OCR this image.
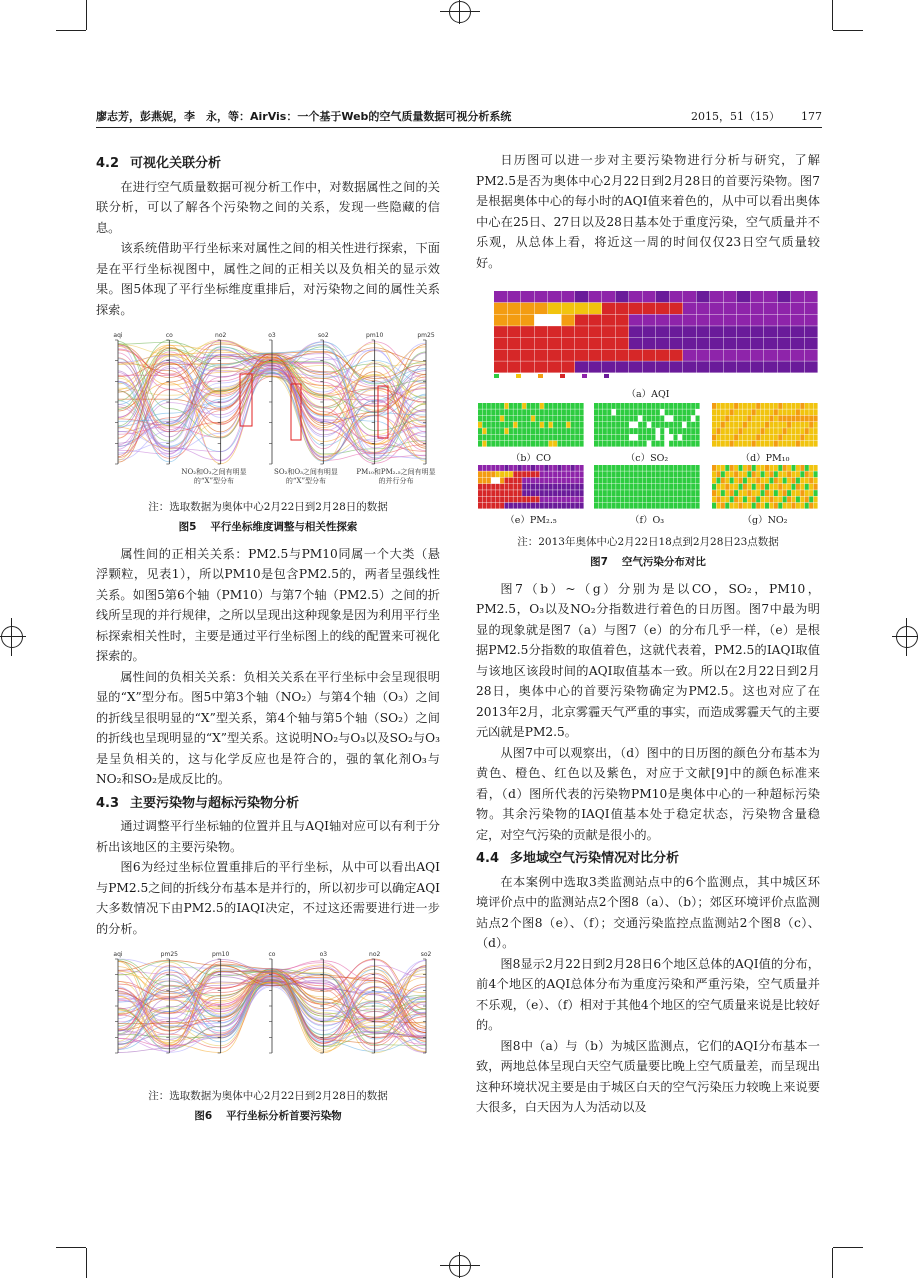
廖志芳，彭燕妮，李　永，等：AirVis：一个基于Web的空气质量数据可视分析系统	2015，51（15） 177
4.2 可视化关联分析

在进行空气质量数据可视分析工作中，对数据属性之间的关联分析，可以了解各个污染物之间的关系，发现一些隐藏的信息。

该系统借助平行坐标来对属性之间的相关性进行探索，下面是在平行坐标视图中，属性之间的正相关以及负相关的显示效果。图5体现了平行坐标维度重排后，对污染物之间的属性关系探索。

aqi	co	no2	o3	so2	pm10	pm25
NO₂和O₃之间有明显的“X”型分布
SO₂和O₃之间有明显的“X”型分布
PM₁₀和PM₂.₅之间有明显的并行分布
注：选取数据为奥体中心2月22日到2月28日的数据
图5 平行坐标维度调整与相关性探索

属性间的正相关关系：PM2.5与PM10同属一个大类（悬浮颗粒，见表1），所以PM10是包含PM2.5的，两者呈强线性关系。如图5第6个轴（PM10）与第7个轴（PM2.5）之间的折线所呈现的并行规律，之所以呈现出这种现象是因为利用平行坐标探索相关性时，主要是通过平行坐标图上的线的配置来可视化探索的。

属性间的负相关关系：负相关关系在平行坐标中会呈现很明显的“X”型分布。图5中第3个轴（NO₂）与第4个轴（O₃）之间的折线呈很明显的“X”型关系，第4个轴与第5个轴（SO₂）之间的折线也呈现明显的“X”型关系。这说明NO₂与O₃以及SO₂与O₃是呈负相关的，这与化学反应也是符合的，强的氧化剂O₃与NO₂和SO₂是成反比的。

4.3 主要污染物与超标污染物分析

通过调整平行坐标轴的位置并且与AQI轴对应可以有利于分析出该地区的主要污染物。

图6为经过坐标位置重排后的平行坐标，从中可以看出AQI与PM2.5之间的折线分布基本是并行的，所以初步可以确定AQI大多数情况下由PM2.5的IAQI决定，不过这还需要进行进一步的分析。

aqi	pm25	pm10	co	o3	no2	so2
注：选取数据为奥体中心2月22日到2月28日的数据
图6 平行坐标分析首要污染物

日历图可以进一步对主要污染物进行分析与研究，了解PM2.5是否为奥体中心2月22日到2月28日的首要污染物。图7是根据奥体中心的每小时的AQI值来着色的，从中可以看出奥体中心在25日、27日以及28日基本处于重度污染，空气质量并不乐观，从总体上看，将近这一周的时间仅仅23日空气质量较好。

（a）AQI
（b）CO	（c）SO₂	（d）PM₁₀
（e）PM₂.₅	（f）O₃	（g）NO₂
注：2013年奥体中心2月22日18点到2月28日23点数据
图7 空气污染分布对比

图7（b）~（g）分别为是以CO，SO₂，PM10，PM2.5，O₃以及NO₂分指数进行着色的日历图。图7中最为明显的现象就是图7（a）与图7（e）的分布几乎一样，（e）是根据PM2.5分指数的取值着色，这就代表着，PM2.5的IAQI取值与该地区该段时间的AQI取值基本一致。所以在2月22日到2月28日，奥体中心的首要污染物确定为PM2.5。这也对应了在2013年2月，北京雾霾天气严重的事实，而造成雾霾天气的主要元凶就是PM2.5。

从图7中可以观察出，（d）图中的日历图的颜色分布基本为黄色、橙色、红色以及紫色，对应于文献[9]中的颜色标准来看，（d）图所代表的污染物PM10是奥体中心的一种超标污染物。其余污染物的IAQI值基本处于稳定状态，污染物含量稳定，对空气污染的贡献是很小的。

4.4 多地域空气污染情况对比分析

在本案例中选取3类监测站点中的6个监测点，其中城区环境评价点中的监测站点2个图8（a）、（b）；郊区环境评价点监测站点2个图8（e）、（f）；交通污染监控点监测站2个图8（c）、（d）。

图8显示2月22日到2月28日6个地区总体的AQI值的分布，前4个地区的AQI总体分布为重度污染和严重污染，空气质量并不乐观，（e）、（f）相对于其他4个地区的空气质量来说是比较好的。

图8中（a）与（b）为城区监测点，它们的AQI分布基本一致，两地总体呈现白天空气质量要比晚上空气质量差，而呈现出这种环境状况主要是由于城区白天的空气污染压力较晚上来说要大很多，白天因为人为活动以及
